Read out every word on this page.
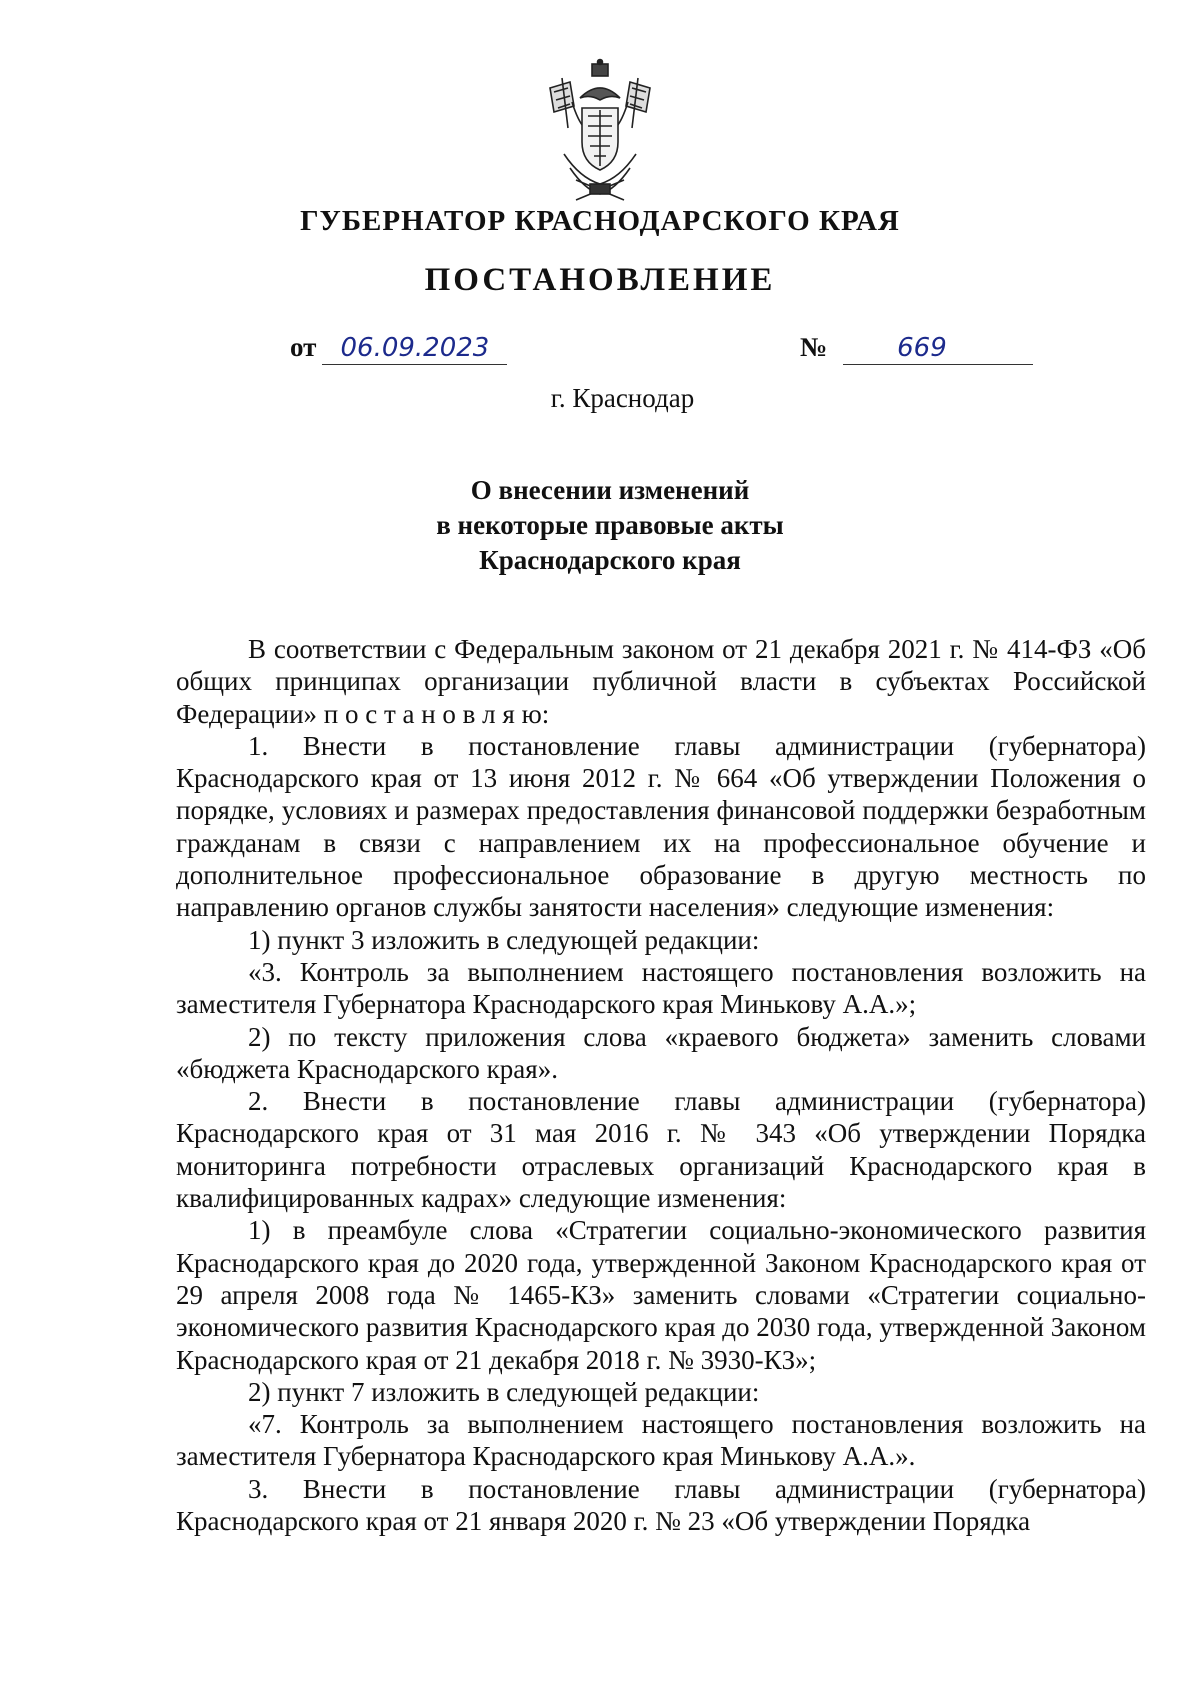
ГУБЕРНАТОР КРАСНОДАРСКОГО КРАЯ
ПОСТАНОВЛЕНИЕ
от 06.09.2023	№	669
г. Краснодар
О внесении изменений
в некоторые правовые акты
Краснодарского края

В соответствии с Федеральным законом от 21 декабря 2021 г. № 414-ФЗ «Об общих принципах организации публичной власти в субъектах Российской Федерации» п о с т а н о в л я ю:

1. Внести в постановление главы администрации (губернатора) Краснодарского края от 13 июня 2012 г. № 664 «Об утверждении Положения о порядке, условиях и размерах предоставления финансовой поддержки безработным гражданам в связи с направлением их на профессиональное обучение и дополнительное профессиональное образование в другую местность по направлению органов службы занятости населения» следующие изменения:

1) пункт 3 изложить в следующей редакции:

«3. Контроль за выполнением настоящего постановления возложить на заместителя Губернатора Краснодарского края Минькову А.А.»;

2) по тексту приложения слова «краевого бюджета» заменить словами «бюджета Краснодарского края».

2. Внести в постановление главы администрации (губернатора) Краснодарского края от 31 мая 2016 г. № 343 «Об утверждении Порядка мониторинга потребности отраслевых организаций Краснодарского края в квалифицированных кадрах» следующие изменения:

1) в преамбуле слова «Стратегии социально-экономического развития Краснодарского края до 2020 года, утвержденной Законом Краснодарского края от 29 апреля 2008 года № 1465-КЗ» заменить словами «Стратегии социально-экономического развития Краснодарского края до 2030 года, утвержденной Законом Краснодарского края от 21 декабря 2018 г. № 3930-КЗ»;

2) пункт 7 изложить в следующей редакции:

«7. Контроль за выполнением настоящего постановления возложить на заместителя Губернатора Краснодарского края Минькову А.А.».

3. Внести в постановление главы администрации (губернатора) Краснодарского края от 21 января 2020 г. № 23 «Об утверждении Порядка
